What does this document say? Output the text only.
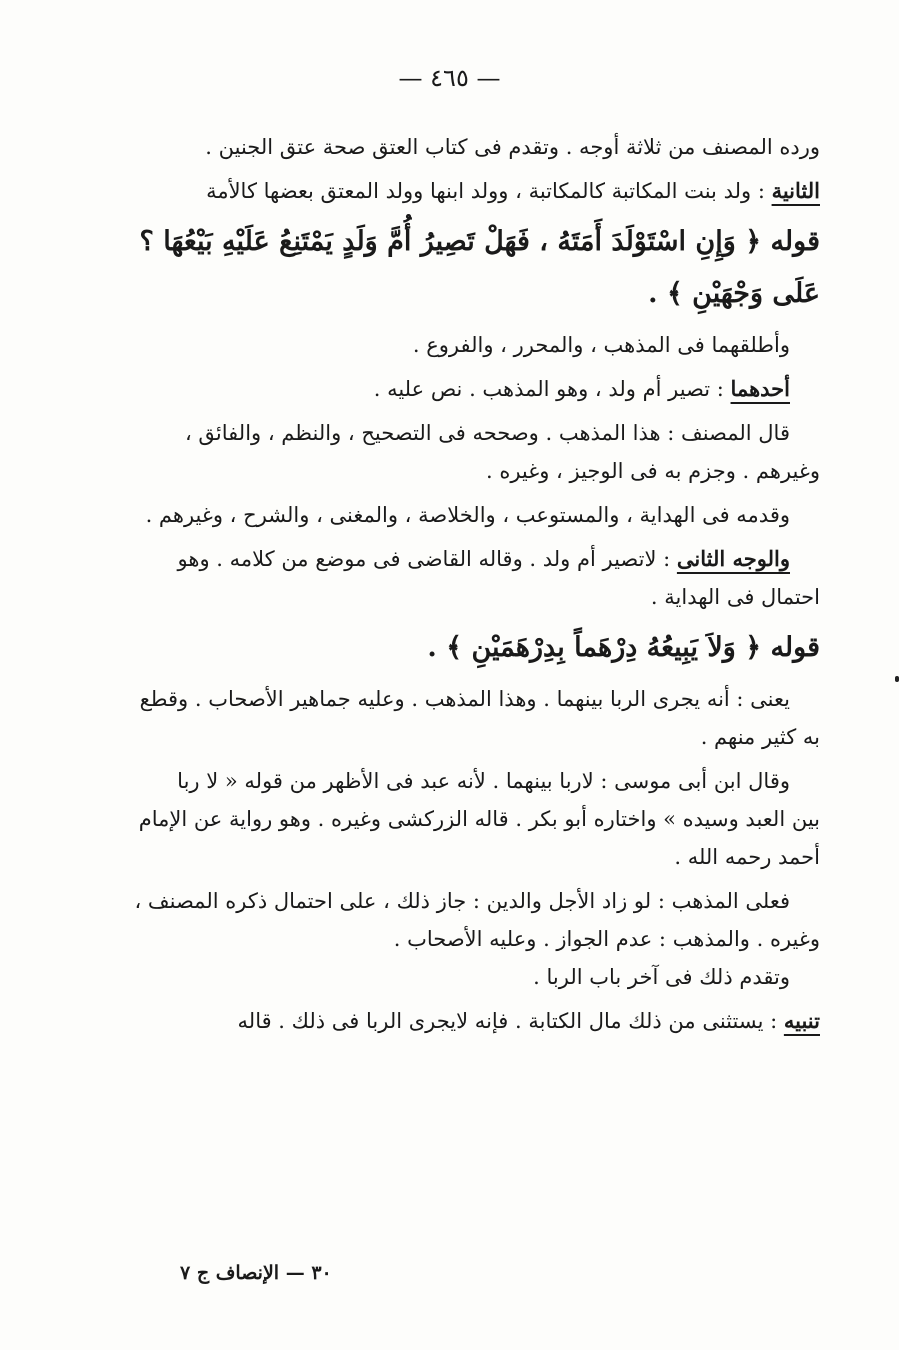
— ٤٦٥ —
ورده المصنف من ثلاثة أوجه . وتقدم فى كتاب العتق صحة عتق الجنين .
الثانية : ولد بنت المكاتبة كالمكاتبة ، وولد ابنها وولد المعتق بعضها كالأمة
قوله ﴿ وَإِنِ اسْتَوْلَدَ أَمَتَهُ ، فَهَلْ تَصِيرُ أُمَّ وَلَدٍ يَمْتَنِعُ عَلَيْهِ بَيْعُهَا ؟
عَلَى وَجْهَيْنِ ﴾ .
وأطلقهما فى المذهب ، والمحرر ، والفروع .
أحدهما : تصير أم ولد ، وهو المذهب . نص عليه .
قال المصنف : هذا المذهب . وصححه فى التصحيح ، والنظم ، والفائق ،
وغيرهم . وجزم به فى الوجيز ، وغيره .
وقدمه فى الهداية ، والمستوعب ، والخلاصة ، والمغنى ، والشرح ، وغيرهم .
والوجه الثانى : لاتصير أم ولد . وقاله القاضى فى موضع من كلامه . وهو
احتمال فى الهداية .
قوله ﴿ وَلاَ يَبِيعُهُ دِرْهَماً بِدِرْهَمَيْنِ ﴾ .
يعنى : أنه يجرى الربا بينهما . وهذا المذهب . وعليه جماهير الأصحاب . وقطع
به كثير منهم .
وقال ابن أبى موسى : لاربا بينهما . لأنه عبد فى الأظهر من قوله « لا ربا
بين العبد وسيده » واختاره أبو بكر . قاله الزركشى وغيره . وهو رواية عن الإمام
أحمد رحمه الله .
فعلى المذهب : لو زاد الأجل والدين : جاز ذلك ، على احتمال ذكره المصنف ،
وغيره . والمذهب : عدم الجواز . وعليه الأصحاب .
وتقدم ذلك فى آخر باب الربا .
تنبيه : يستثنى من ذلك مال الكتابة . فإنه لايجرى الربا فى ذلك . قاله
٣٠ — الإنصاف ج ٧
